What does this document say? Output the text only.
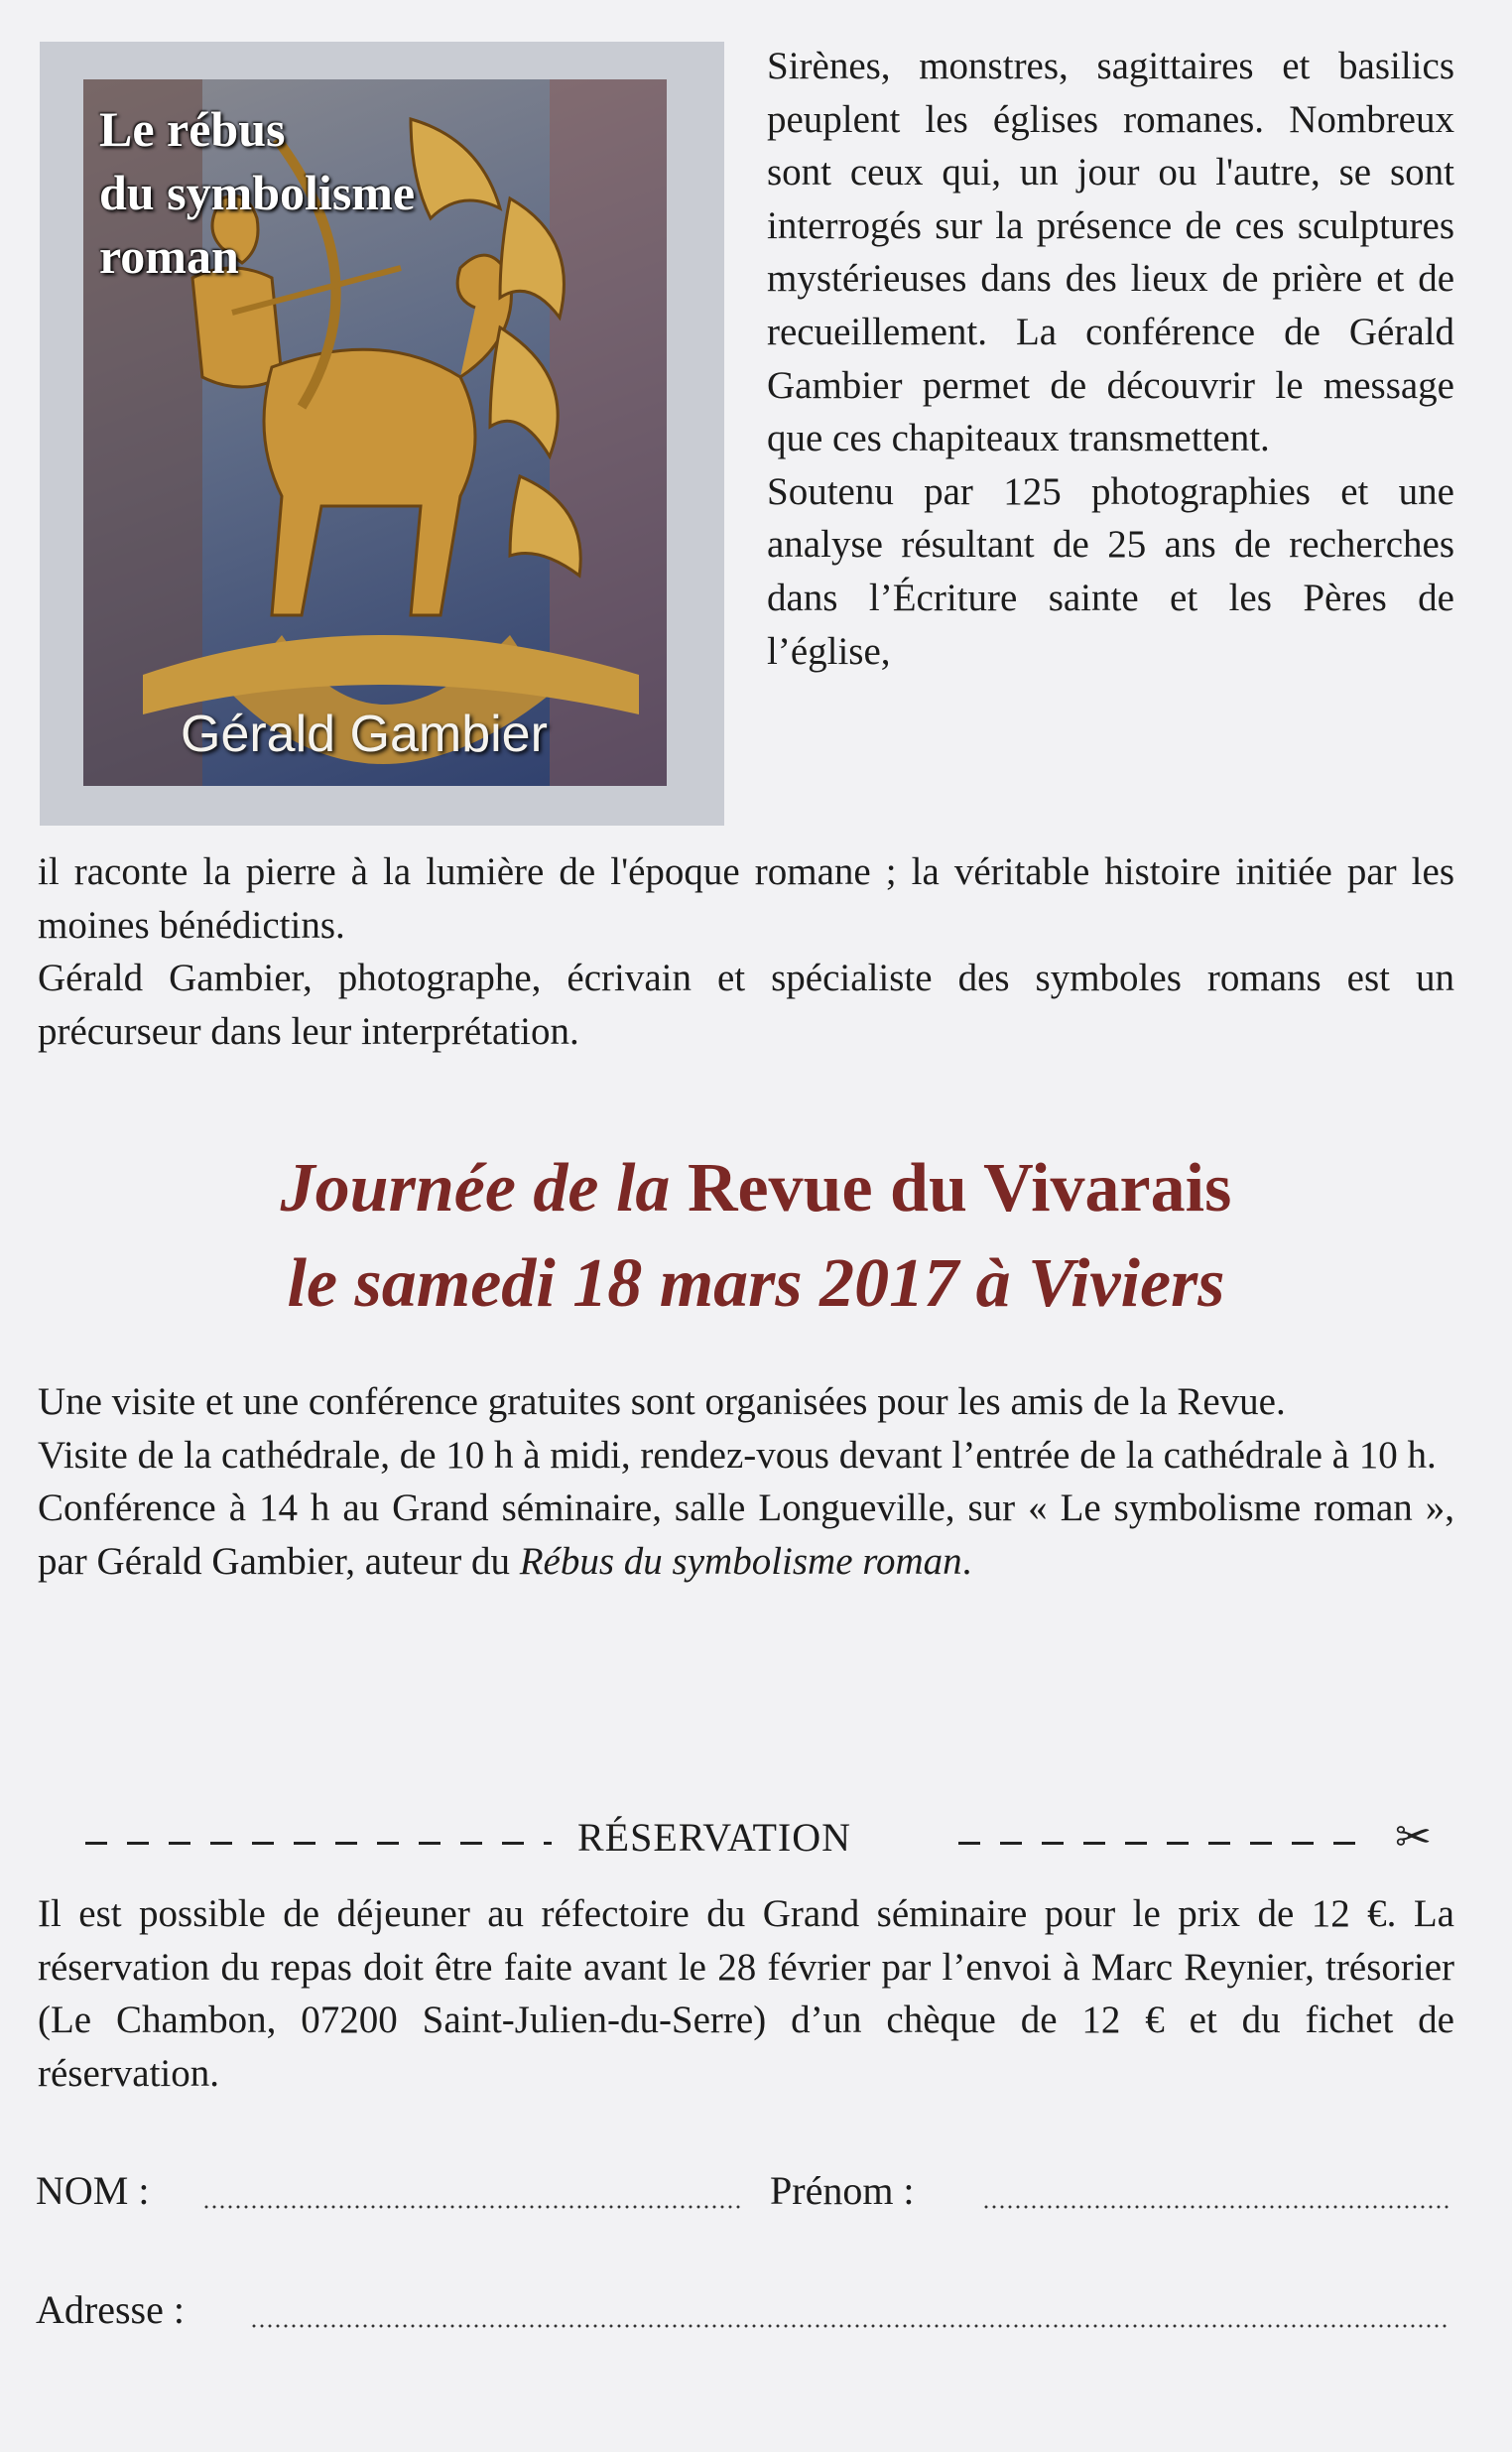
Le rébus
du symbolisme
roman
Gérald Gambier

Sirènes, monstres, sagittaires et basilics peuplent les églises romanes. Nombreux sont ceux qui, un jour ou l'autre, se sont interrogés sur la présence de ces sculptures mystérieuses dans des lieux de prière et de recueillement. La conférence de Gérald Gambier permet de découvrir le message que ces chapiteaux transmettent.

Soutenu par 125 photographies et une analyse résultant de 25 ans de recherches dans l’Écriture sainte et les Pères de l’église,

il raconte la pierre à la lumière de l'époque romane ; la véritable histoire initiée par les moines bénédictins.

Gérald Gambier, photographe, écrivain et spécialiste des symboles romans est un précurseur dans leur interprétation.

Journée de la Revue du Vivarais
le samedi 18 mars 2017 à Viviers

Une visite et une conférence gratuites sont organisées pour les amis de la Revue.

Visite de la cathédrale, de 10 h à midi, rendez-vous devant l’entrée de la cathédrale à 10 h.

Conférence à 14 h au Grand séminaire, salle Longueville, sur « Le symbolisme roman », par Gérald Gambier, auteur du Rébus du symbolisme roman.

RÉSERVATION	✂

Il est possible de déjeuner au réfectoire du Grand séminaire pour le prix de 12 €. La réservation du repas doit être faite avant le 28 février par l’envoi à Marc Reynier, trésorier (Le Chambon, 07200 Saint-Julien-du-Serre) d’un chèque de 12 € et du fichet de réservation.

NOM :	Prénom :
Adresse :
